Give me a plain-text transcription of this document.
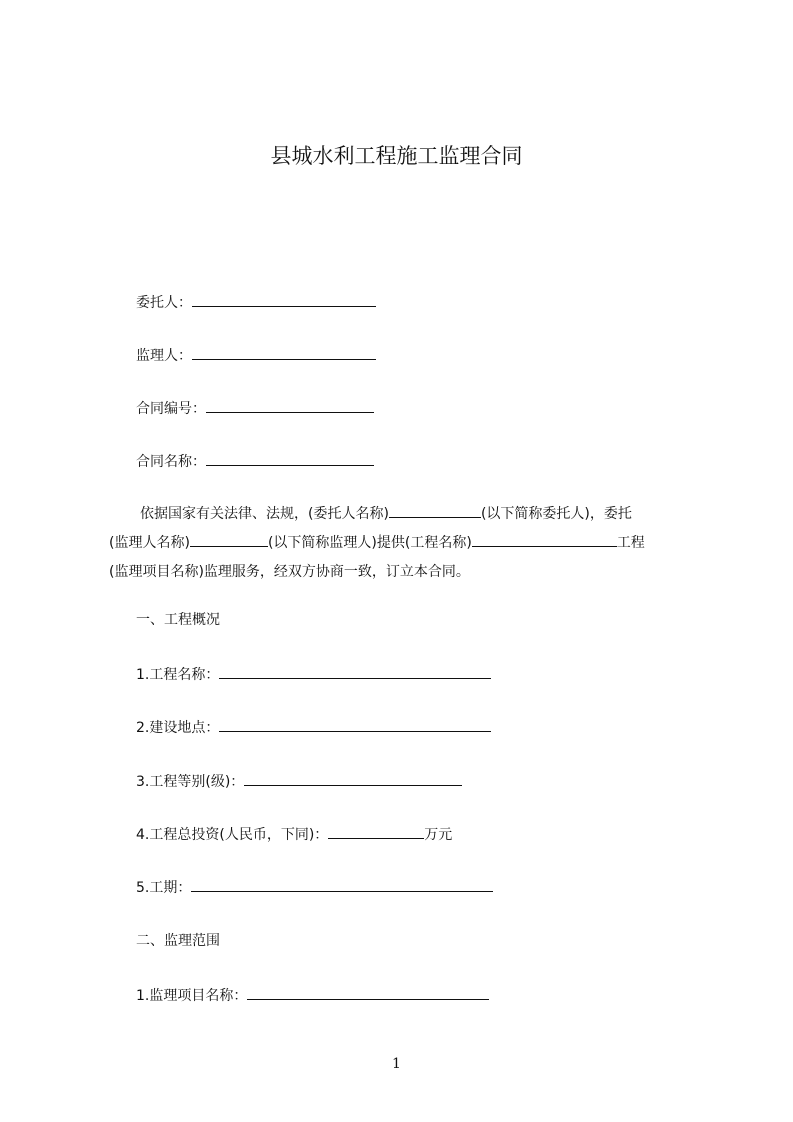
县城水利工程施工监理合同
委托人：
监理人：
合同编号：
合同名称：
依据国家有关法律、法规，(委托人名称)	(以下简称委托人)，委托
(监理人名称)	(以下简称监理人)提供(工程名称)	工程
(监理项目名称)监理服务，经双方协商一致，订立本合同。
一、工程概况
1.工程名称：
2.建设地点：
3.工程等别(级)：
4.工程总投资(人民币，下同)：	万元
5.工期：
二、监理范围
1.监理项目名称：
1
